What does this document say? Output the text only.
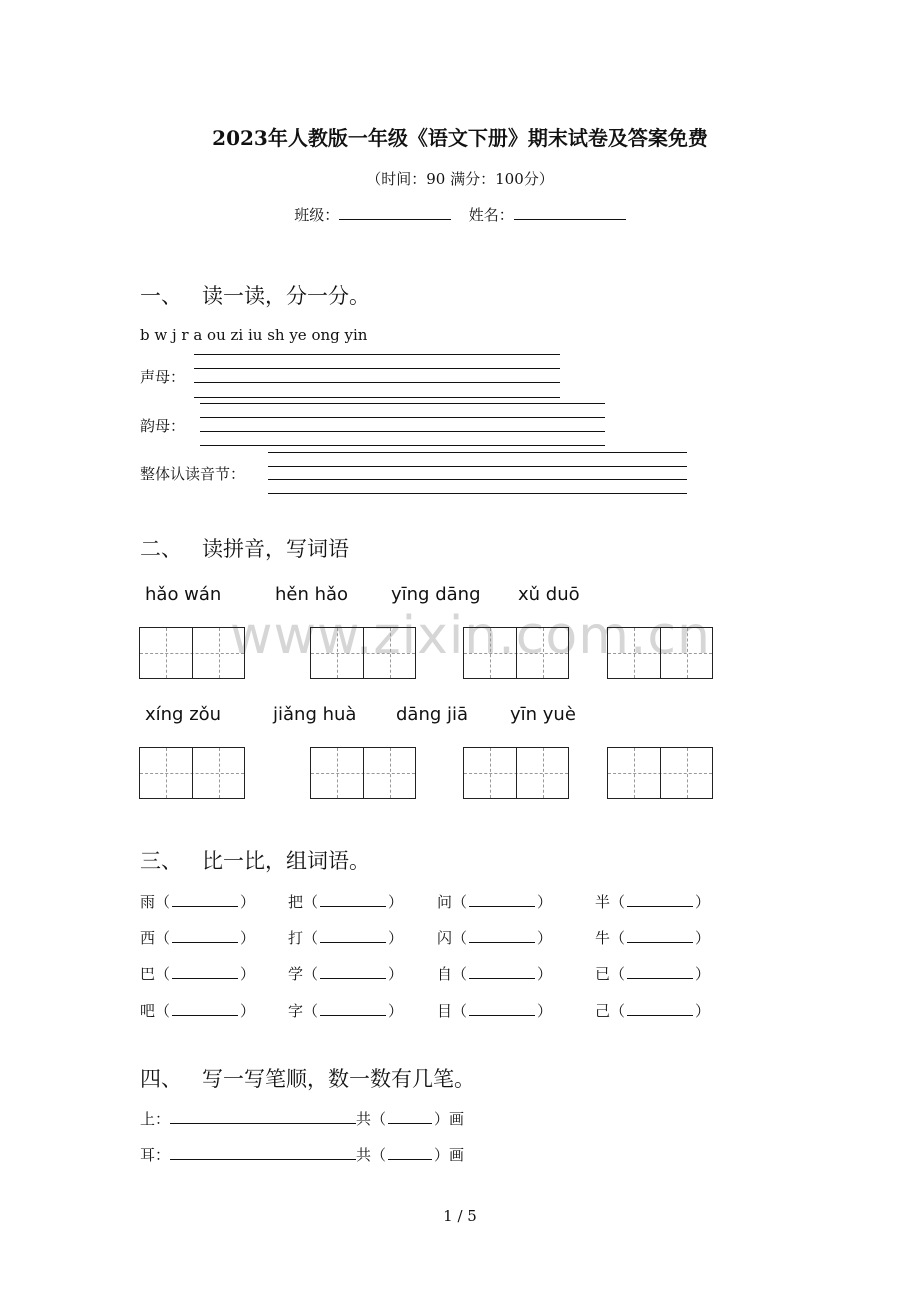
2023年人教版一年级《语文下册》期末试卷及答案免费
（时间：90 满分：100分）
班级：	姓名：
www.zixin.com.cn
一、 读一读，分一分。
b w j r a ou zi iu sh ye ong yin
声母：
韵母：
整体认读音节：
二、 读拼音，写词语
hǎo wán	hěn hǎo yīng dāng xǔ duō
xíng zǒu	jiǎng huà dāng jiā yīn yuè
三、 比一比，组词语。
雨（	） 把（	） 问（	）	半（	）
西（	） 打（	） 闪（	）	牛（	）
巴（	） 学（	） 自（	）	已（	）
吧（	） 字（	） 目（	）	己（	）
四、 写一写笔顺，数一数有几笔。
上：	共（	）画
耳：	共（	）画
1 / 5
